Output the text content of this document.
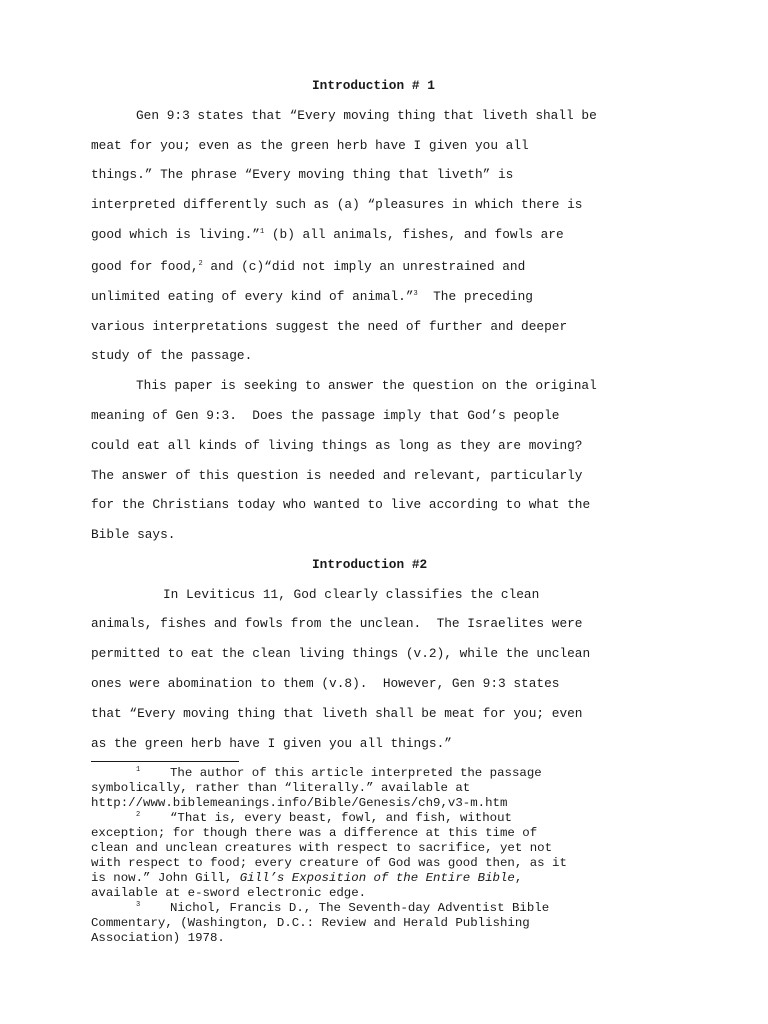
Introduction # 1
Gen 9:3 states that “Every moving thing that liveth shall be
meat for you; even as the green herb have I given you all
things.” The phrase “Every moving thing that liveth” is
interpreted differently such as (a) “pleasures in which there is
good which is living.”$^1$ (b) all animals, fishes, and fowls are
good for food,$^2$ and (c)“did not imply an unrestrained and
unlimited eating of every kind of animal.”$^3$  The preceding
various interpretations suggest the need of further and deeper
study of the passage.
This paper is seeking to answer the question on the original
meaning of Gen 9:3.  Does the passage imply that God’s people
could eat all kinds of living things as long as they are moving?
The answer of this question is needed and relevant, particularly
for the Christians today who wanted to live according to what the
Bible says.
Introduction #2
In Leviticus 11, God clearly classifies the clean
animals, fishes and fowls from the unclean.  The Israelites were
permitted to eat the clean living things (v.2), while the unclean
ones were abomination to them (v.8).  However, Gen 9:3 states
that “Every moving thing that liveth shall be meat for you; even
as the green herb have I given you all things.”
$^1$ The author of this article interpreted the passage
symbolically, rather than “literally.” available at
http://www.biblemeanings.info/Bible/Genesis/ch9,v3-m.htm
$^2$ “That is, every beast, fowl, and fish, without
exception; for though there was a difference at this time of
clean and unclean creatures with respect to sacrifice, yet not
with respect to food; every creature of God was good then, as it
is now.” John Gill, Gill’s Exposition of the Entire Bible,
available at e-sword electronic edge.
$^3$ Nichol, Francis D., The Seventh-day Adventist Bible
Commentary, (Washington, D.C.: Review and Herald Publishing
Association) 1978.
